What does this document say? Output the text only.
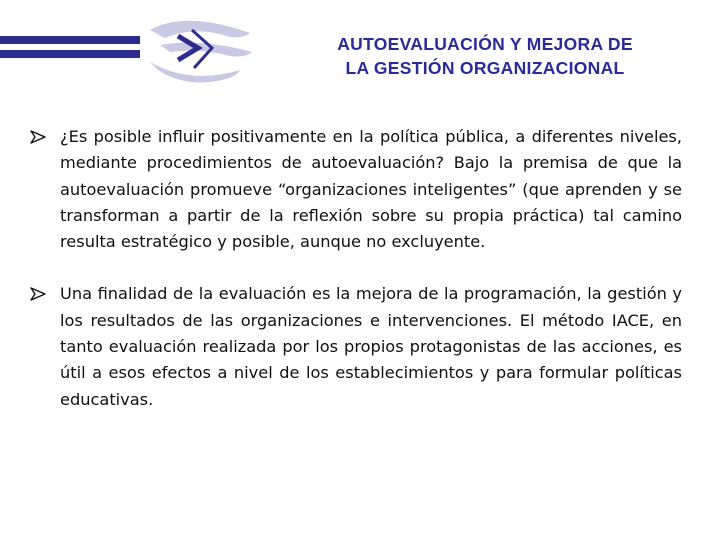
AUTOEVALUACIÓN Y MEJORA DE
LA GESTIÓN ORGANIZACIONAL
¿Es posible influir positivamente en la política pública, a diferentes niveles, mediante procedimientos de autoevaluación? Bajo la premisa de que la autoevaluación promueve “organizaciones inteligentes” (que aprenden y se transforman a partir de la reflexión sobre su propia práctica) tal camino resulta estratégico y posible, aunque no excluyente.
Una finalidad de la evaluación es la mejora de la programación, la gestión y los resultados de las organizaciones e intervenciones. El método IACE, en tanto evaluación realizada por los propios protagonistas de las acciones, es útil a esos efectos a nivel de los establecimientos y para formular políticas educativas.
